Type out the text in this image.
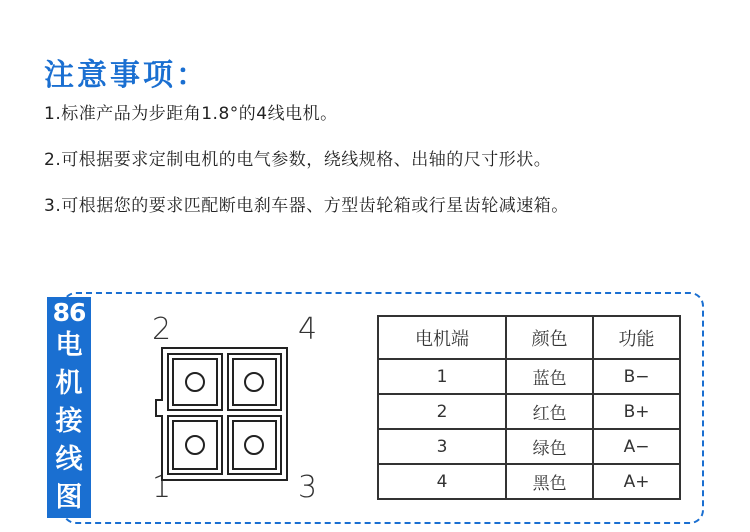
注意事项：
1.标准产品为步距角1.8°的4线电机。
2.可根据要求定制电机的电气参数，绕线规格、出轴的尺寸形状。
3.可根据您的要求匹配断电刹车器、方型齿轮箱或行星齿轮减速箱。
86
电机接线图
2	4
1	3
电机端	颜色	功能
1	蓝色	B−
2	红色	B+
3	绿色	A−
4	黑色	A+
